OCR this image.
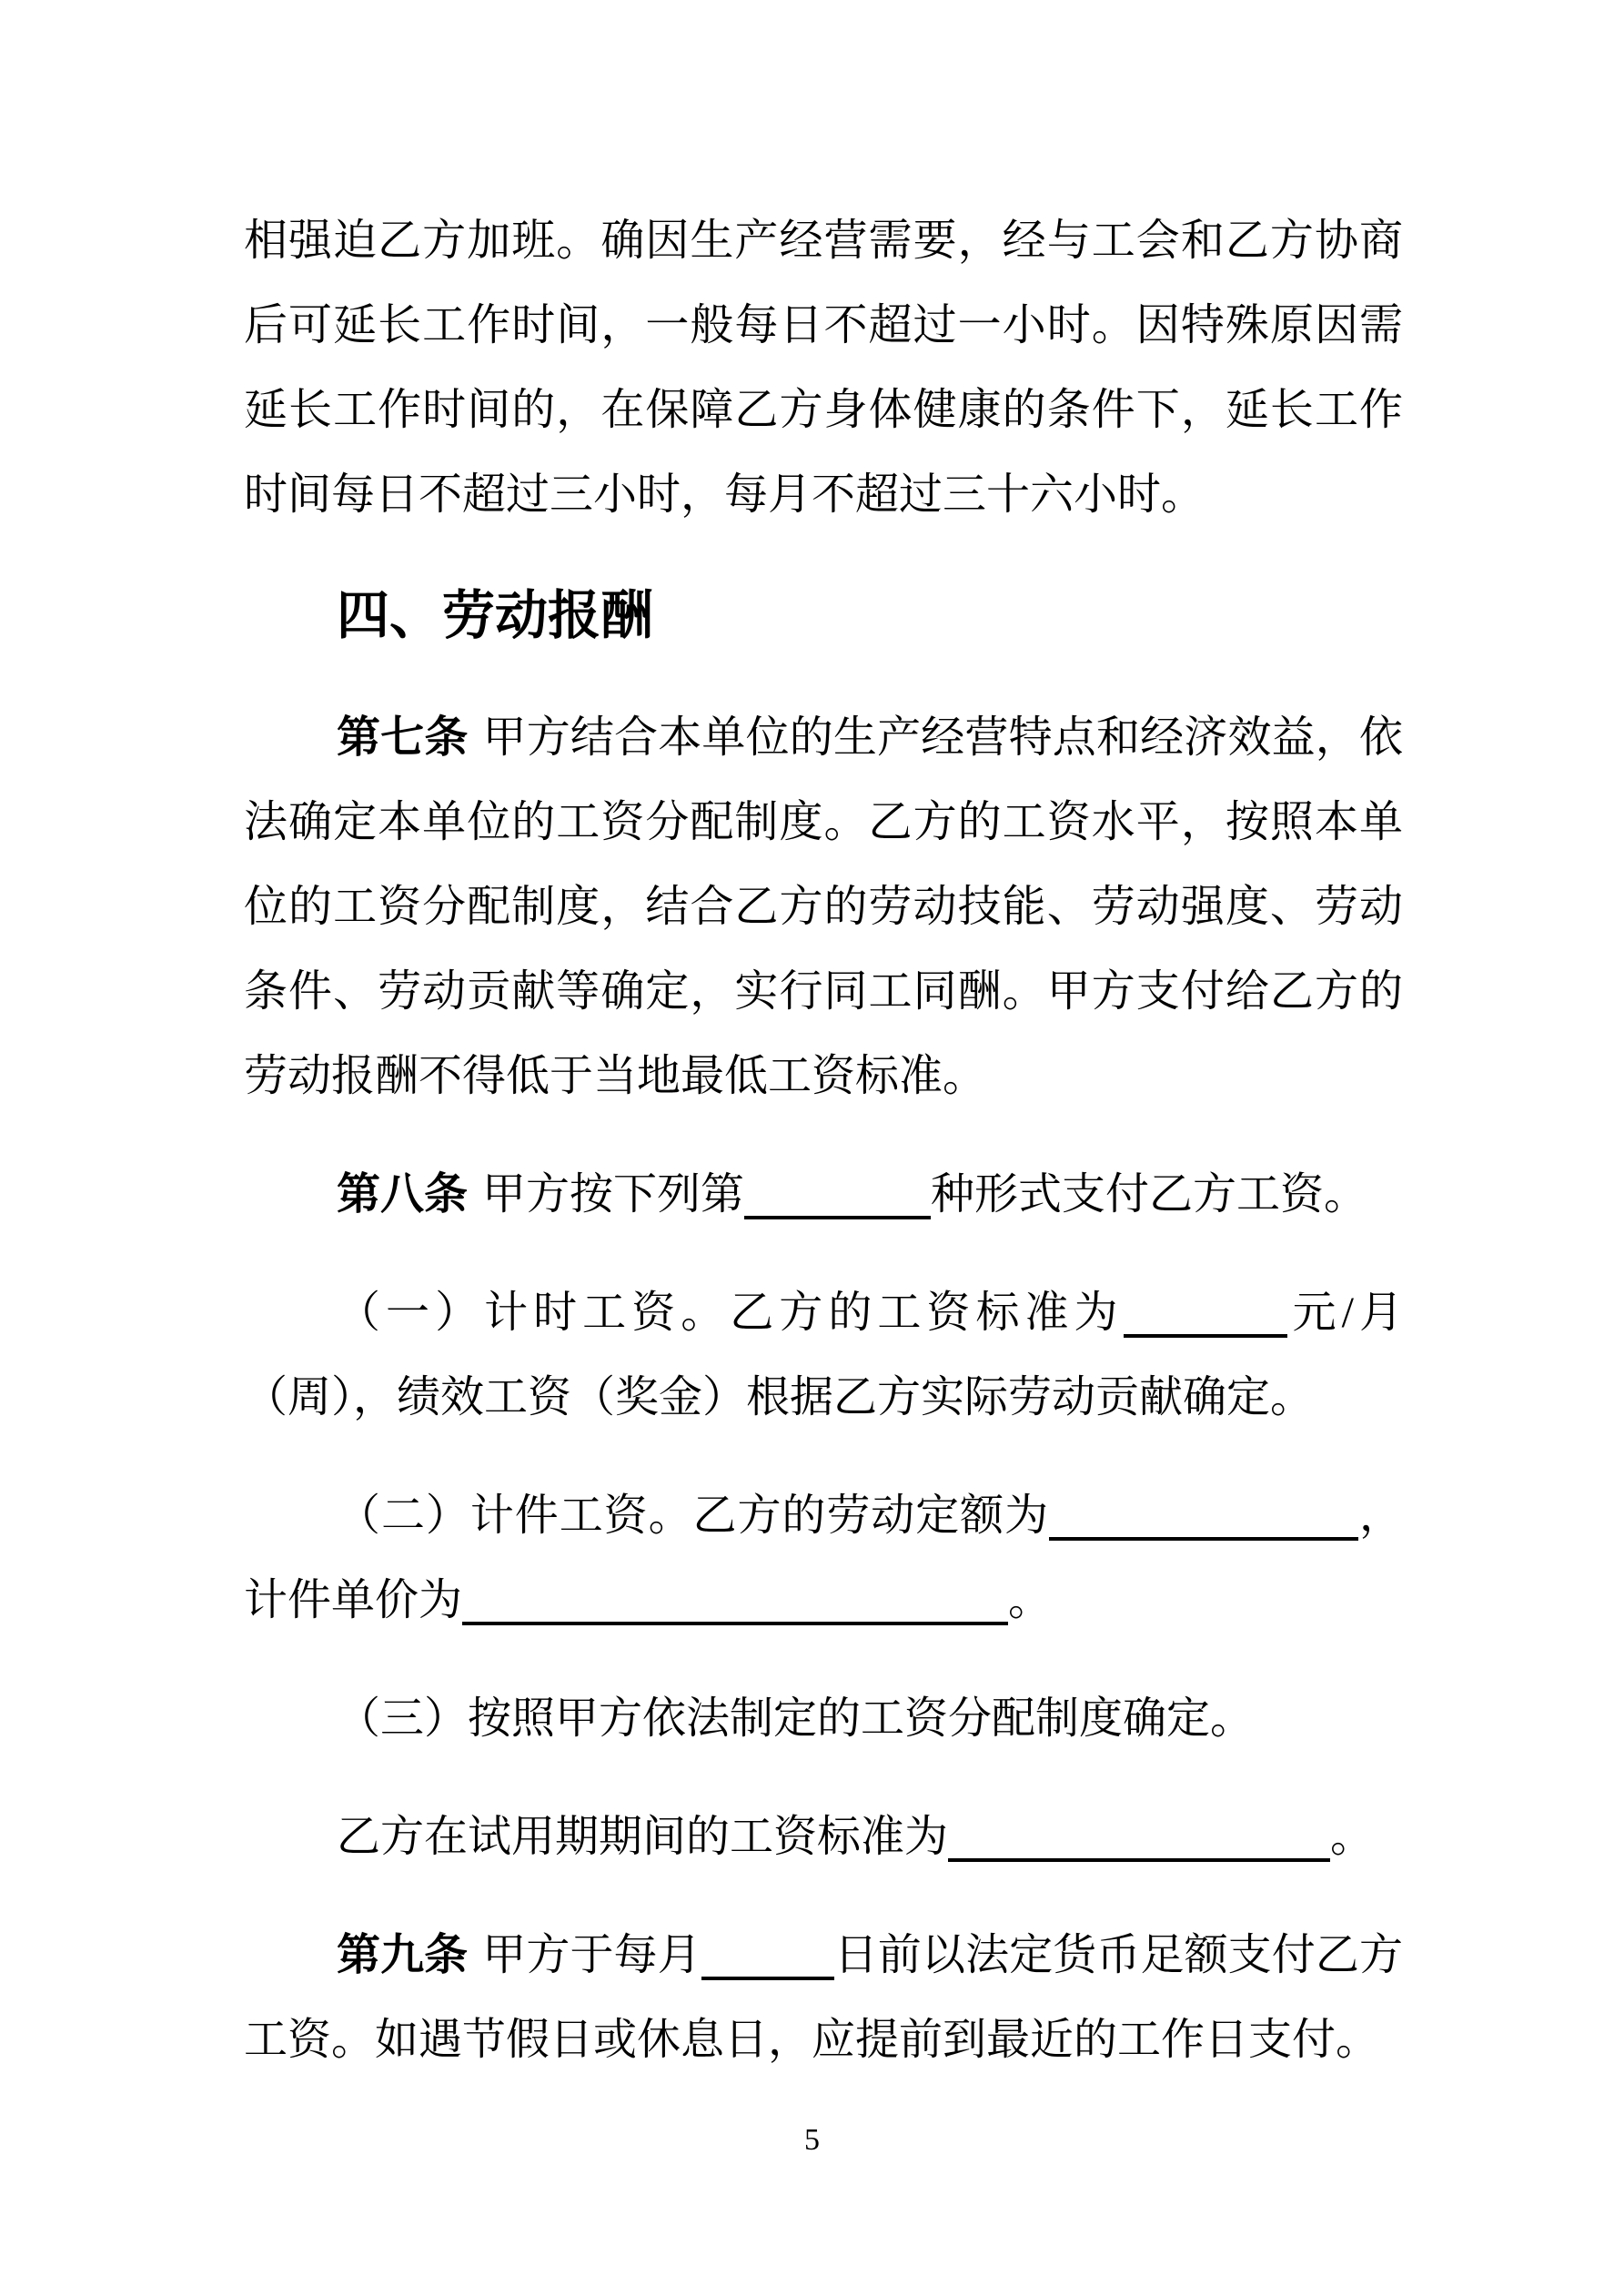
相强迫乙方加班。确因生产经营需要，经与工会和乙方协商后可延长工作时间，一般每日不超过一小时。因特殊原因需延长工作时间的，在保障乙方身体健康的条件下，延长工作时间每日不超过三小时，每月不超过三十六小时。

四、劳动报酬

第七条 甲方结合本单位的生产经营特点和经济效益，依法确定本单位的工资分配制度。乙方的工资水平，按照本单位的工资分配制度，结合乙方的劳动技能、劳动强度、劳动条件、劳动贡献等确定，实行同工同酬。甲方支付给乙方的劳动报酬不得低于当地最低工资标准。

第八条 甲方按下列第	种形式支付乙方工资。

（一）计时工资。乙方的工资标准为	元/月（周），绩效工资（奖金）根据乙方实际劳动贡献确定。

（二）计件工资。乙方的劳动定额为	，计件单价为	。

（三）按照甲方依法制定的工资分配制度确定。

乙方在试用期期间的工资标准为	。

第九条 甲方于每月	日前以法定货币足额支付乙方工资。如遇节假日或休息日，应提前到最近的工作日支付。

5
